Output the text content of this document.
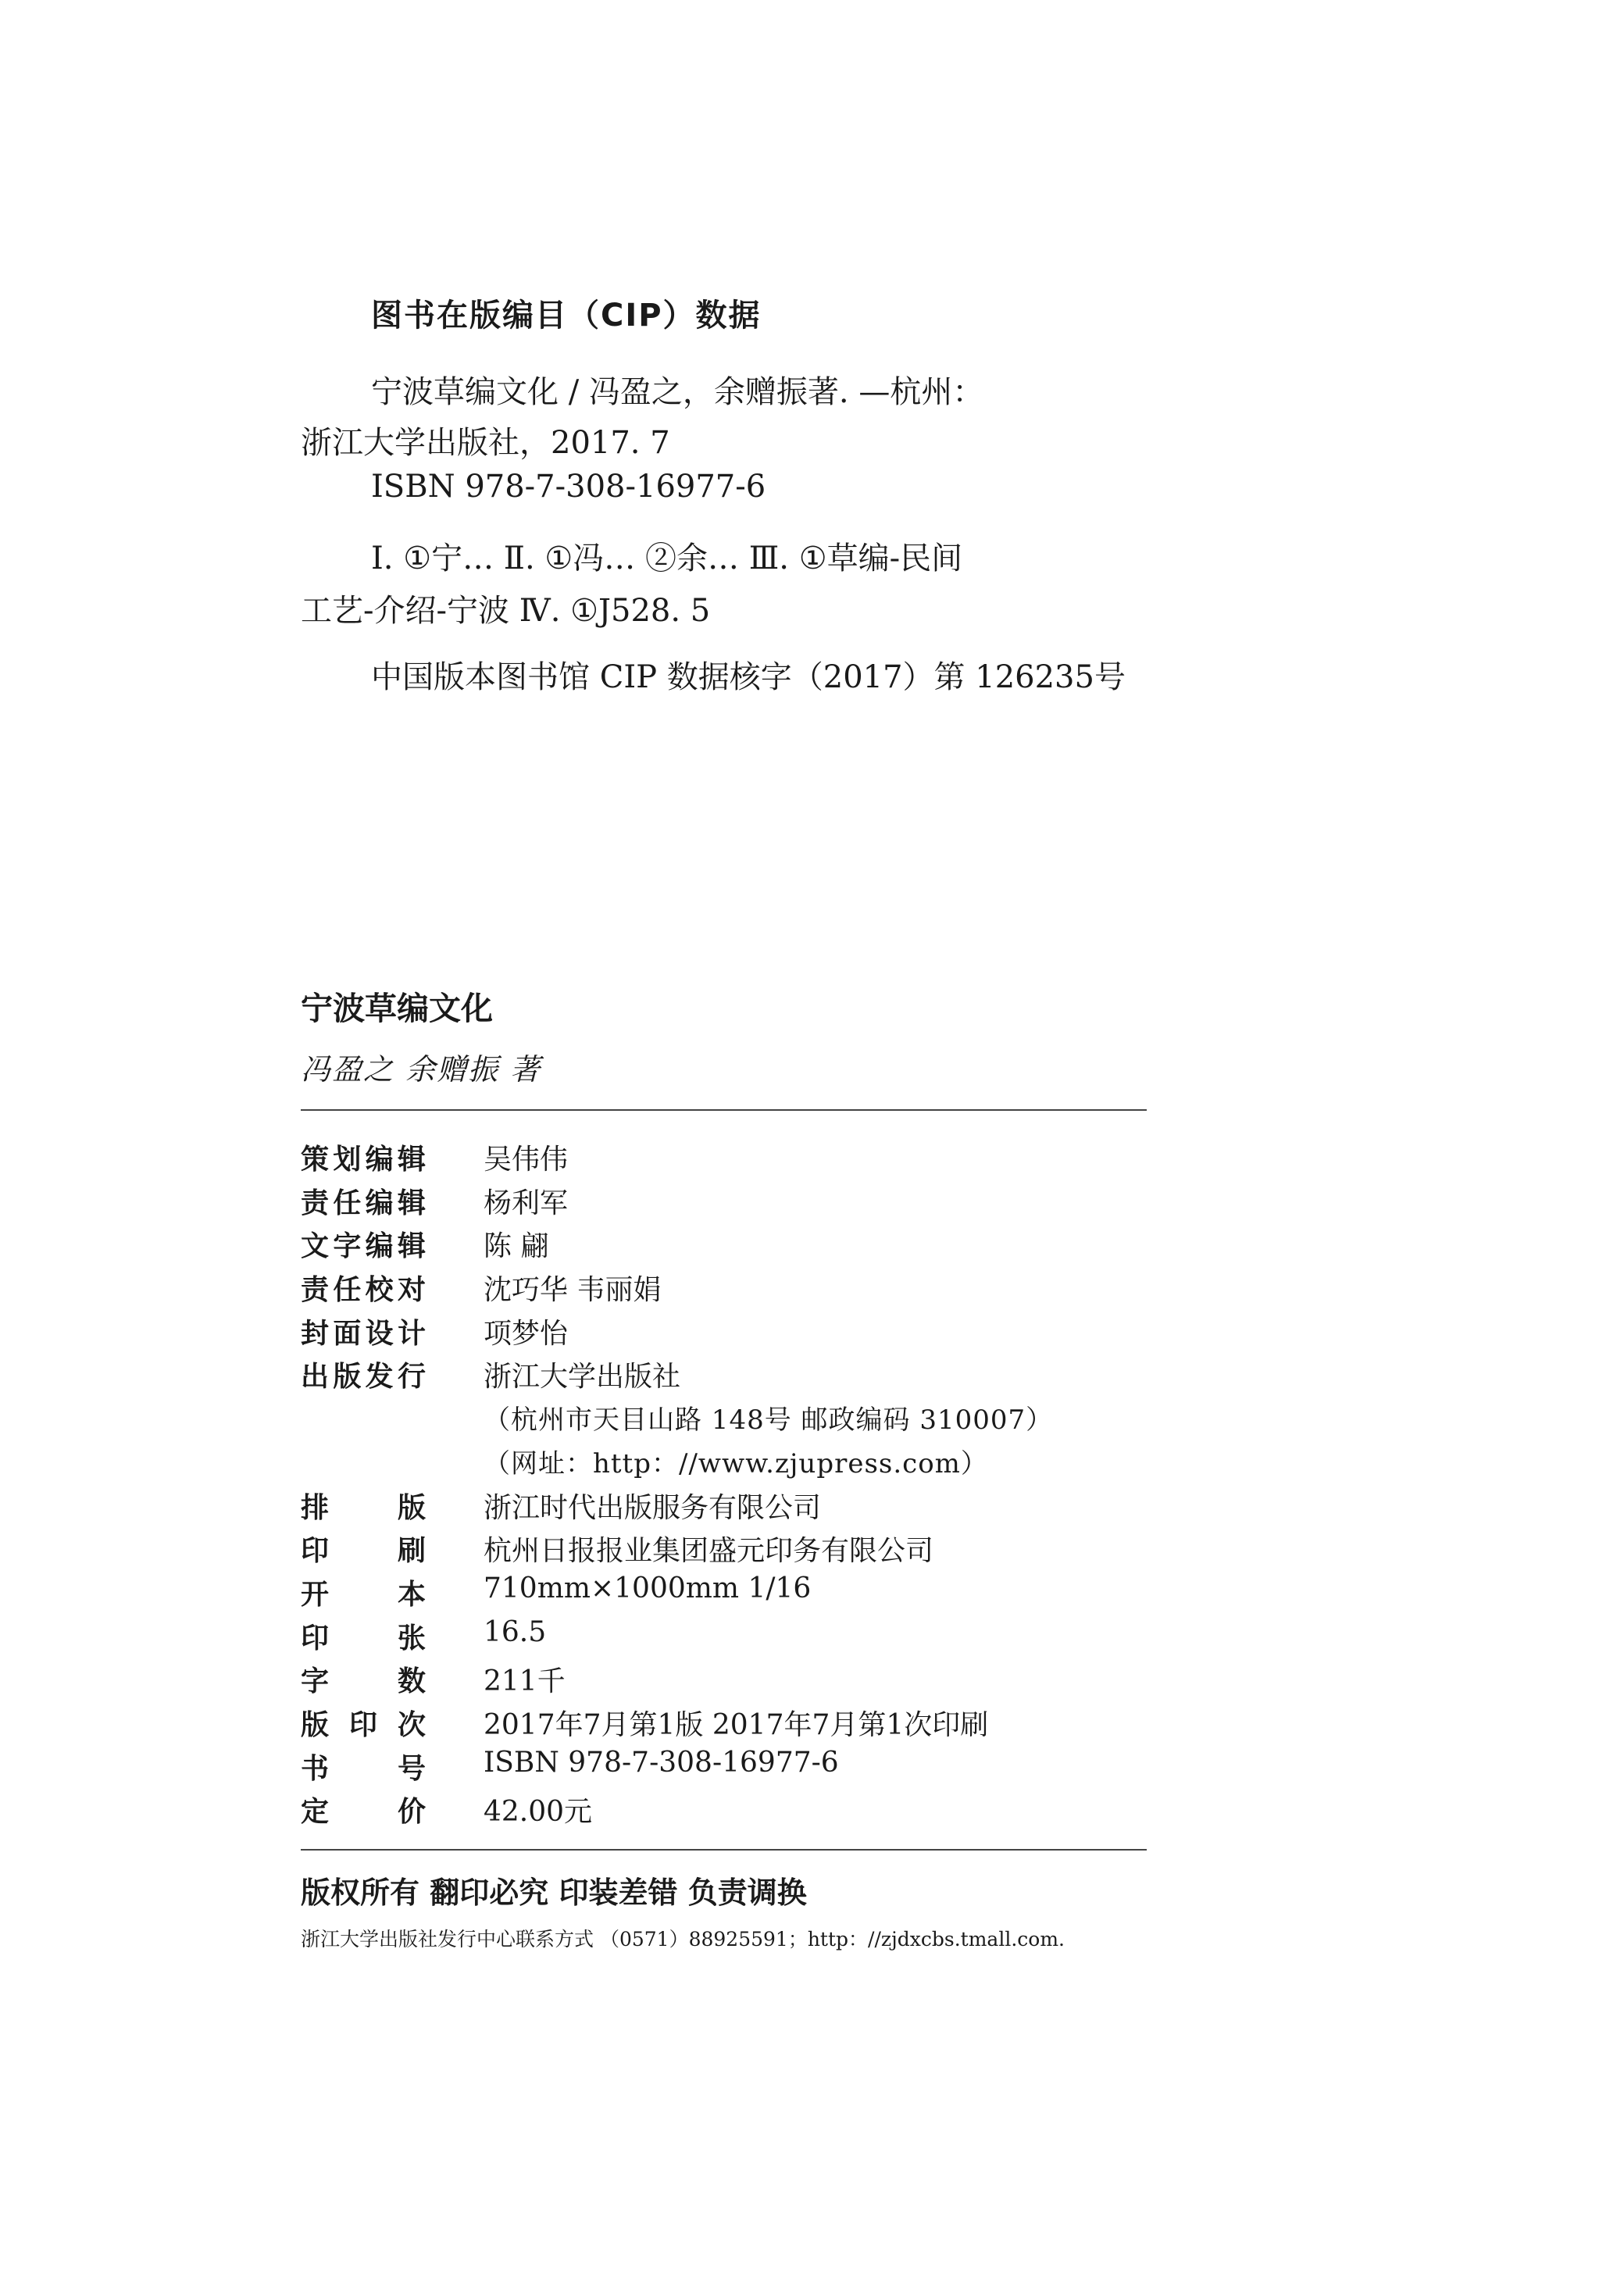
图书在版编目（CIP）数据
宁波草编文化 / 冯盈之，余赠振著. —杭州：
浙江大学出版社，2017. 7
ISBN 978-7-308-16977-6
Ⅰ. ①宁… Ⅱ. ①冯… ②余… Ⅲ. ①草编-民间
工艺-介绍-宁波 Ⅳ. ①J528. 5
中国版本图书馆 CIP 数据核字（2017）第 126235号
宁波草编文化
冯盈之 余赠振 著
策 划 编 辑 吴伟伟
责 任 编 辑 杨利军
文 字 编 辑 陈 翩
责 任 校 对 沈巧华 韦丽娟
封 面 设 计 项梦怡
出 版 发 行 浙江大学出版社
（杭州市天目山路 148号 邮政编码 310007）
（网址：http：//www.zjupress.com）
排 版 浙江时代出版服务有限公司
印 刷 杭州日报报业集团盛元印务有限公司
开 本 710mm×1000mm 1/16
印 张 16.5
字 数 211千
版 印 次 2017年7月第1版 2017年7月第1次印刷
书 号 ISBN 978-7-308-16977-6
定 价 42.00元
版权所有 翻印必究 印装差错 负责调换
浙江大学出版社发行中心联系方式 （0571）88925591；http：//zjdxcbs.tmall.com.
